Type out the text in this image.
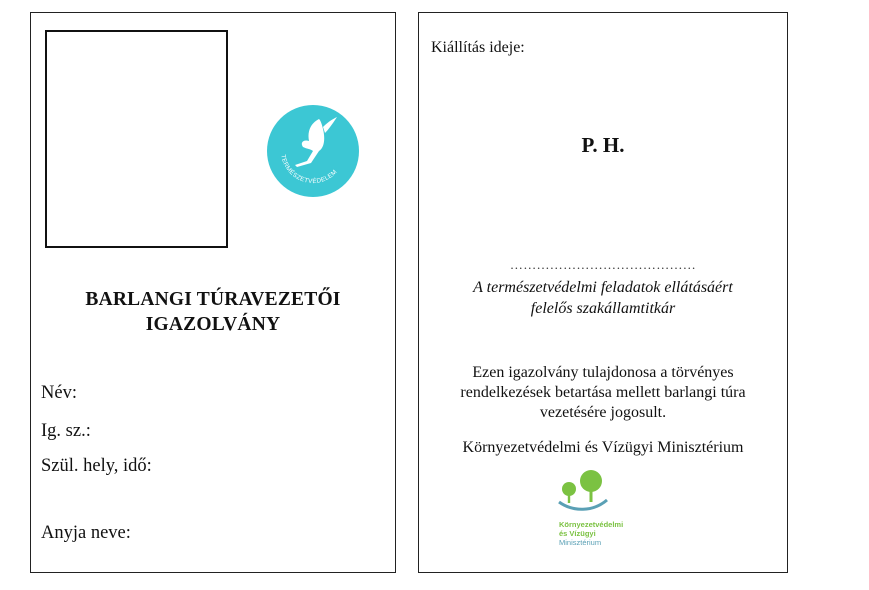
TERMÉSZETVÉDELEM
BARLANGI TÚRAVEZETŐI
IGAZOLVÁNY
Név:
Ig. sz.:
Szül. hely, idő:
Anyja neve:
Kiállítás ideje:
P. H.
……………………………………
A természetvédelmi feladatok ellátásáért
felelős szakállamtitkár
Ezen igazolvány tulajdonosa a törvényes
rendelkezések betartása mellett barlangi túra
vezetésére jogosult.
Környezetvédelmi és Vízügyi Minisztérium
Környezetvédelmi
és Vízügyi
Minisztérium
